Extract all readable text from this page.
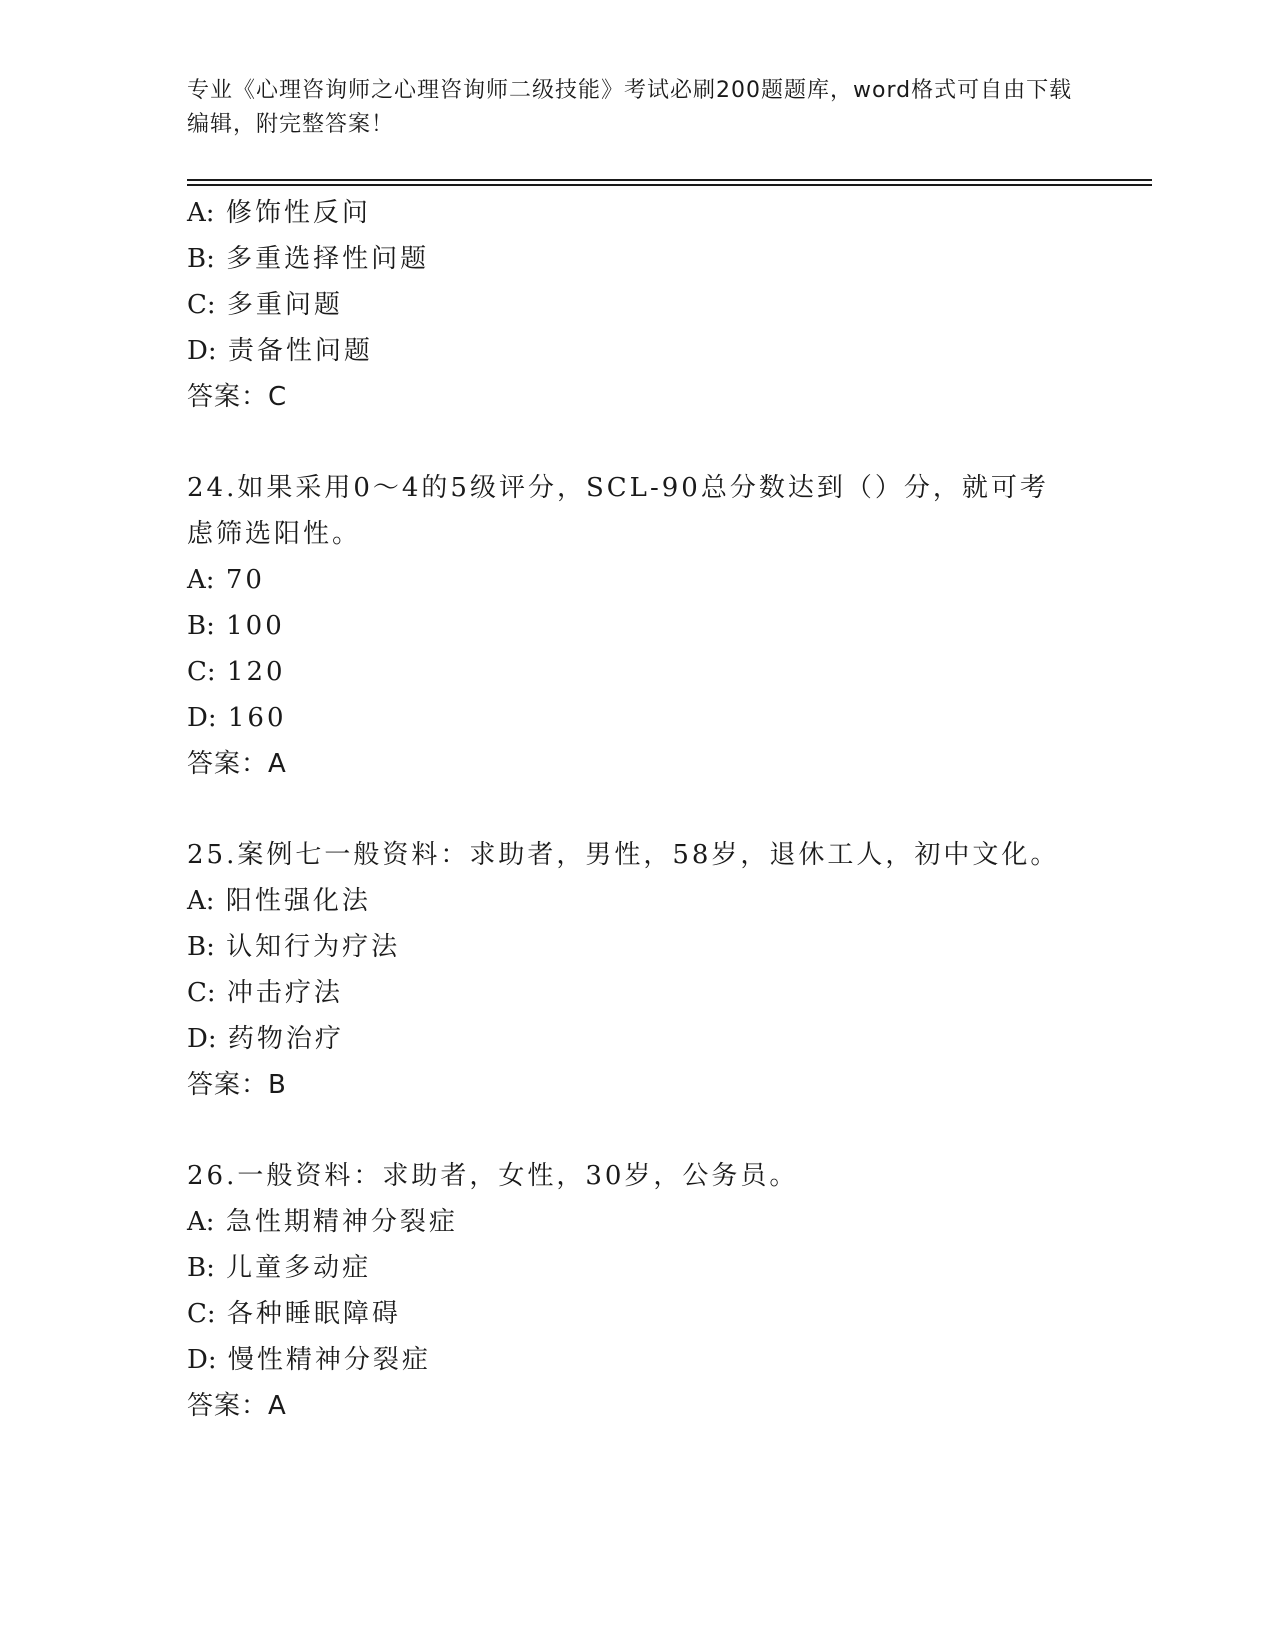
专业《心理咨询师之心理咨询师二级技能》考试必刷200题题库，word格式可自由下载编辑，附完整答案！

A: 修饰性反问

B: 多重选择性问题

C: 多重问题

D: 责备性问题

答案：C

24.如果采用0～4的5级评分，SCL-90总分数达到（）分，就可考虑筛选阳性。

A: 70

B: 100

C: 120

D: 160

答案：A

25.案例七一般资料：求助者，男性，58岁，退休工人，初中文化。

A: 阳性强化法

B: 认知行为疗法

C: 冲击疗法

D: 药物治疗

答案：B

26.一般资料：求助者，女性，30岁，公务员。

A: 急性期精神分裂症

B: 儿童多动症

C: 各种睡眠障碍

D: 慢性精神分裂症

答案：A
